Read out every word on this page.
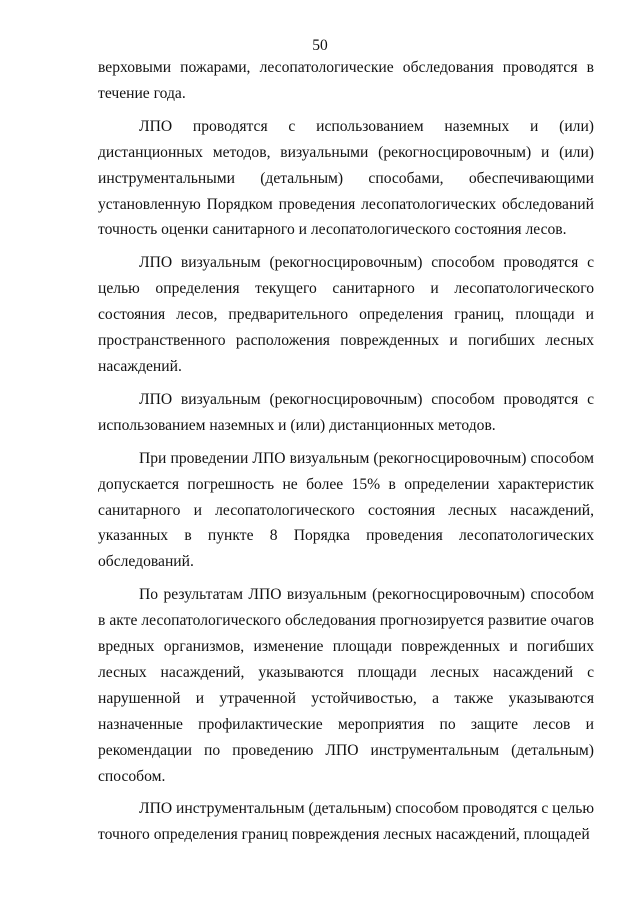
50

верховыми пожарами, лесопатологические обследования проводятся в течение года.

ЛПО проводятся с использованием наземных и (или) дистанционных методов, визуальными (рекогносцировочным) и (или) инструментальными (детальным) способами, обеспечивающими установленную Порядком проведения лесопатологических обследований точность оценки санитарного и лесопатологического состояния лесов.

ЛПО визуальным (рекогносцировочным) способом проводятся с целью определения текущего санитарного и лесопатологического состояния лесов, предварительного определения границ, площади и пространственного расположения поврежденных и погибших лесных насаждений.

ЛПО визуальным (рекогносцировочным) способом проводятся с использованием наземных и (или) дистанционных методов.

При проведении ЛПО визуальным (рекогносцировочным) способом допускается погрешность не более 15% в определении характеристик санитарного и лесопатологического состояния лесных насаждений, указанных в пункте 8 Порядка проведения лесопатологических обследований.

По результатам ЛПО визуальным (рекогносцировочным) способом в акте лесопатологического обследования прогнозируется развитие очагов вредных организмов, изменение площади поврежденных и погибших лесных насаждений, указываются площади лесных насаждений с нарушенной и утраченной устойчивостью, а также указываются назначенные профилактические мероприятия по защите лесов и рекомендации по проведению ЛПО инструментальным (детальным) способом.

ЛПО инструментальным (детальным) способом проводятся с целью точного определения границ повреждения лесных насаждений, площадей
